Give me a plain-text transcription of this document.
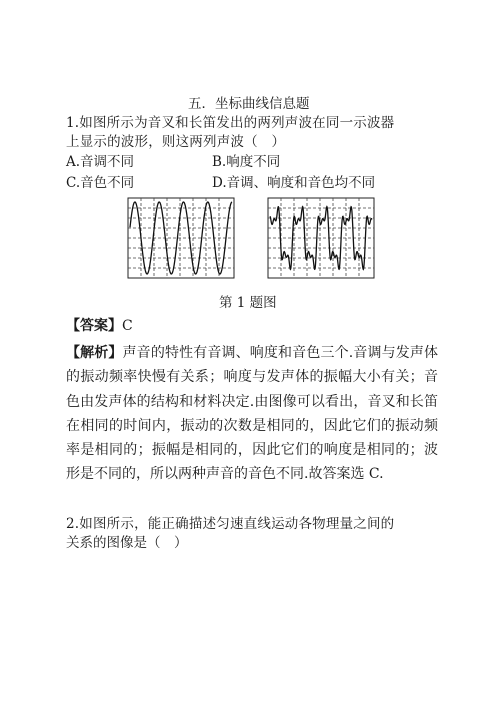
五．坐标曲线信息题
1.如图所示为音叉和长笛发出的两列声波在同一示波器
上显示的波形，则这两列声波（　）
A.音调不同	B.响度不同
C.音色不同	D.音调、响度和音色均不同
第 1 题图
【答案】C
【解析】声音的特性有音调、响度和音色三个.音调与发声体的振动频率快慢有关系；响度与发声体的振幅大小有关；音色由发声体的结构和材料决定.由图像可以看出，音叉和长笛在相同的时间内，振动的次数是相同的，因此它们的振动频率是相同的；振幅是相同的，因此它们的响度是相同的；波形是不同的，所以两种声音的音色不同.故答案选 C.
2.如图所示，能正确描述匀速直线运动各物理量之间的
关系的图像是（　）
